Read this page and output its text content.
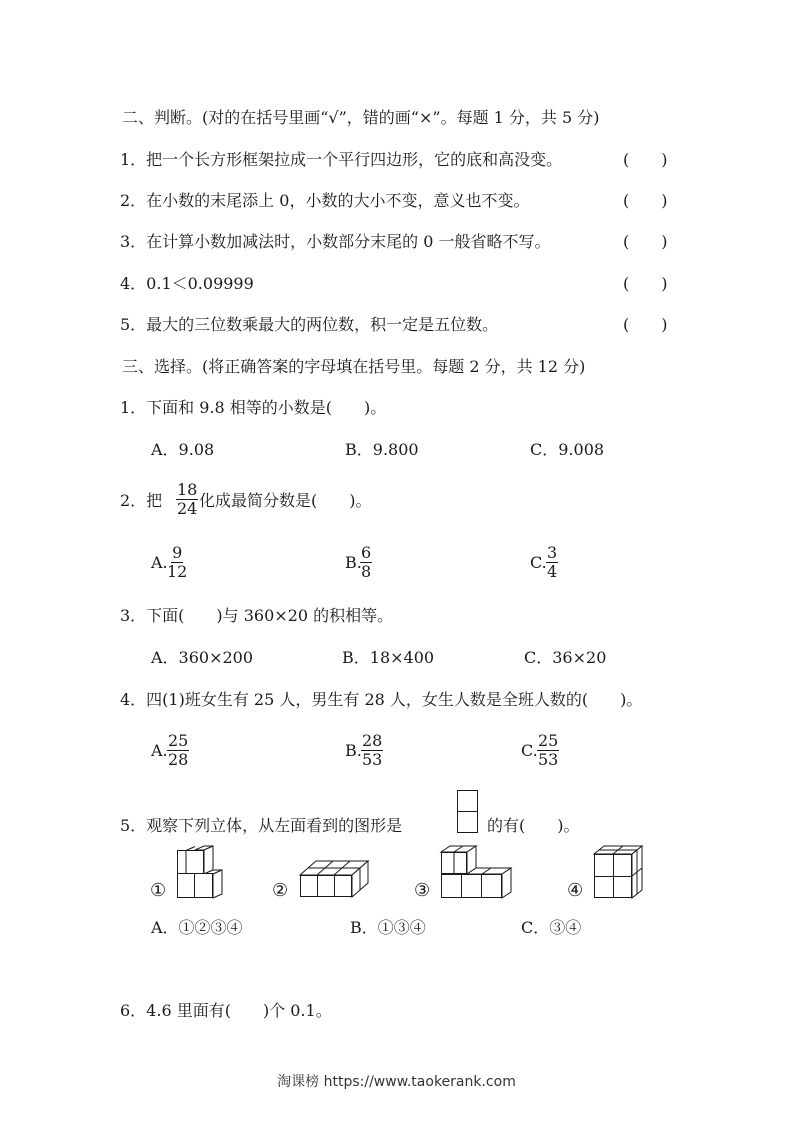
二、判断。(对的在括号里画“√”，错的画“×”。每题 1 分，共 5 分)
1．把一个长方形框架拉成一个平行四边形，它的底和高没变。	(　　)
2．在小数的末尾添上 0，小数的大小不变，意义也不变。	(　　)
3．在计算小数加减法时，小数部分末尾的 0 一般省略不写。	(　　)
4．0.1＜0.09999	(　　)
5．最大的三位数乘最大的两位数，积一定是五位数。	(　　)
三、选择。(将正确答案的字母填在括号里。每题 2 分，共 12 分)
1．下面和 9.8 相等的小数是(　　)。
A．9.08	B．9.800	C．9.008
2．把 $\frac{18}{24}$ 化成最简分数是(　　)。
A. $\frac{9}{12}$	B.
$\frac{6}{8}$	C. $\frac{3}{4}$
3．下面(　　)与 360×20 的积相等。
A．360×200	B．18×400	C．36×20
4．四(1)班女生有 25 人，男生有 28 人，女生人数是全班人数的(　　)。
A. $\frac{25}{28}$	B. $\frac{28}{53}$	C. $\frac{25}{53}$
5．观察下列立体，从左面看到的图形是	的有(　　)。
①	②	③	④
A．①②③④	B．①③④	C．③④
6．4.6 里面有(　　)个 0.1。
淘课榜 https://www.taokerank.com
